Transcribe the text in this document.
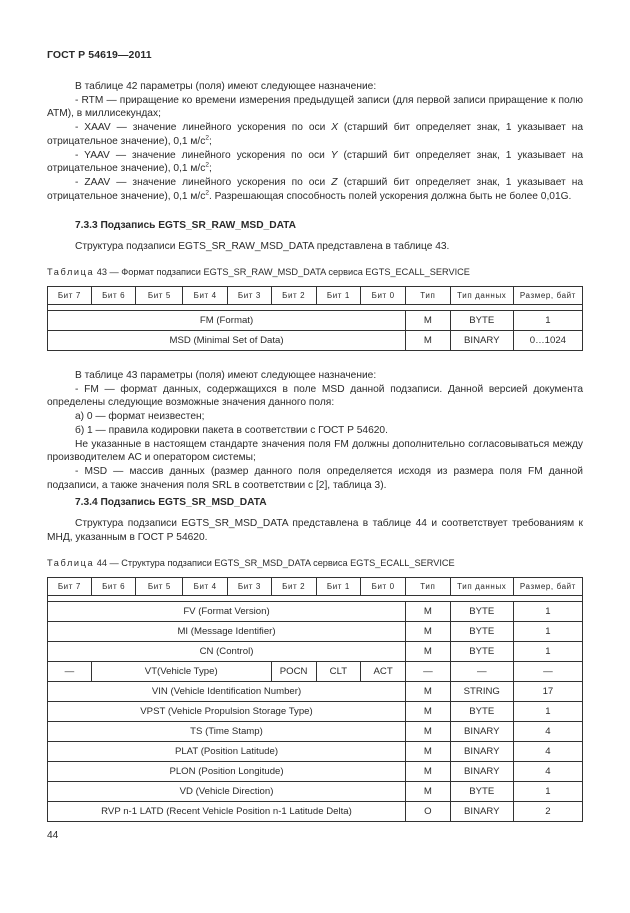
ГОСТ Р 54619—2011

В таблице 42 параметры (поля) имеют следующее назначение:

- RTM — приращение ко времени измерения предыдущей записи (для первой записи приращение к полю ATM), в миллисекундах;

- XAAV — значение линейного ускорения по оси X (старший бит определяет знак, 1 указывает на отрицательное значение), 0,1 $м/с^2$;

- YAAV — значение линейного ускорения по оси Y (старший бит определяет знак, 1 указывает на отрицательное значение), 0,1 $м/с^2$;

- ZAAV — значение линейного ускорения по оси Z (старший бит определяет знак, 1 указывает на отрицательное значение), 0,1 $м/с^2$. Разрешающая способность полей ускорения должна быть не более 0,01G.

7.3.3 Подзапись EGTS_SR_RAW_MSD_DATA

Структура подзаписи EGTS_SR_RAW_MSD_DATA представлена в таблице 43.

Таблица 43 — Формат подзаписи EGTS_SR_RAW_MSD_DATA сервиса EGTS_ECALL_SERVICE
Бит 7	Бит 6	Бит 5	Бит 4	Бит 3	Бит 2	Бит 1	Бит 0	Тип	Тип данных	Размер, байт

FM (Format)								M	BYTE	1
MSD (Minimal Set of Data)								M	BINARY	0…1024

В таблице 43 параметры (поля) имеют следующее назначение:

- FM — формат данных, содержащихся в поле MSD данной подзаписи. Данной версией документа определены следующие возможные значения данного поля:

а) 0 — формат неизвестен;

б) 1 — правила кодировки пакета в соответствии с ГОСТ Р 54620.

Не указанные в настоящем стандарте значения поля FM должны дополнительно согласовываться между производителем АС и оператором системы;

- MSD — массив данных (размер данного поля определяется исходя из размера поля FM данной подзаписи, а также значения поля SRL в соответствии с [2], таблица 3).

7.3.4 Подзапись EGTS_SR_MSD_DATA

Структура подзаписи EGTS_SR_MSD_DATA представлена в таблице 44 и соответствует требованиям к МНД, указанным в ГОСТ Р 54620.

Таблица 44 — Структура подзаписи EGTS_SR_MSD_DATA сервиса EGTS_ECALL_SERVICE
Бит 7	Бит 6	Бит 5	Бит 4	Бит 3	Бит 2	Бит 1	Бит 0	Тип	Тип данных	Размер, байт

FV (Format Version)								M	BYTE	1
MI (Message Identifier)								M	BYTE	1
CN (Control)								M	BYTE	1
—	VT(Vehicle Type)				POCN	CLT	ACT	—	—	—
VIN (Vehicle Identification Number)								M	STRING	17
VPST (Vehicle Propulsion Storage Type)								M	BYTE	1
TS (Time Stamp)								M	BINARY	4
PLAT (Position Latitude)								M	BINARY	4
PLON (Position Longitude)								M	BINARY	4
VD (Vehicle Direction)								M	BYTE	1
RVP n-1 LATD (Recent Vehicle Position n-1 Latitude Delta)								O	BINARY	2
44
